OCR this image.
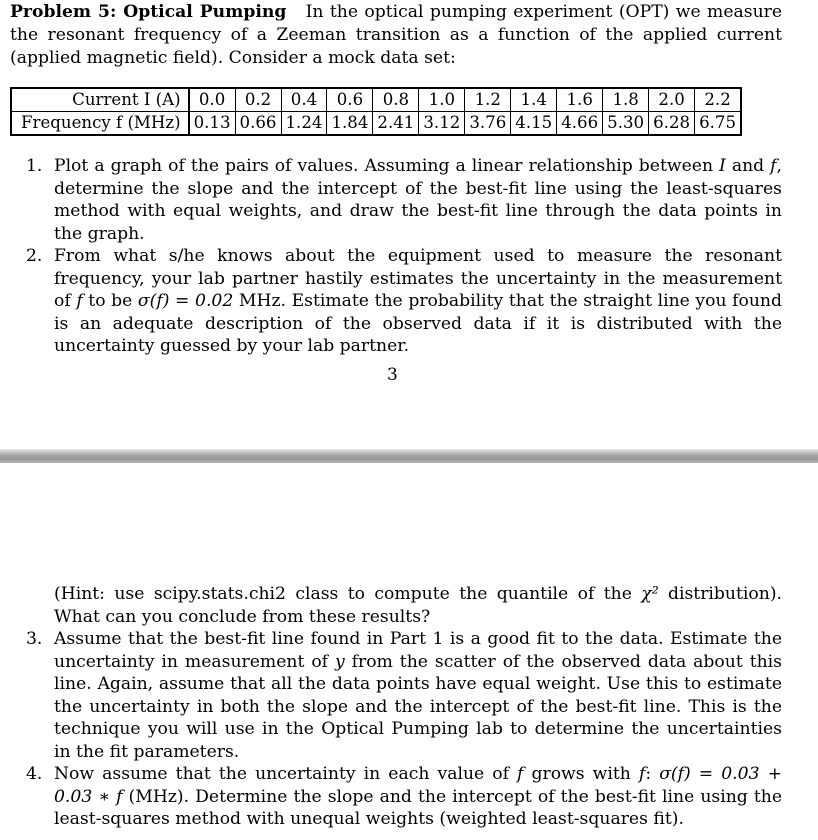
Problem 5: Optical Pumping In the optical pumping experiment (OPT) we measure the resonant frequency of a Zeeman transition as a function of the applied current (applied magnetic field). Consider a mock data set:
Current I (A)	0.0	0.2	0.4	0.6	0.8	1.0	1.2	1.4	1.6	1.8	2.0	2.2
Frequency f (MHz)	0.13	0.66	1.24	1.84	2.41	3.12	3.76	4.15	4.66	5.30	6.28	6.75
1. Plot a graph of the pairs of values. Assuming a linear relationship between I and f, determine the slope and the intercept of the best-fit line using the least-squares method with equal weights, and draw the best-fit line through the data points in the graph.
2. From what s/he knows about the equipment used to measure the resonant frequency, your lab partner hastily estimates the uncertainty in the measurement of f to be σ(f) = 0.02 MHz. Estimate the probability that the straight line you found is an adequate description of the observed data if it is distributed with the uncertainty guessed by your lab partner.
3
(Hint: use scipy.stats.chi2 class to compute the quantile of the χ² distribution). What can you conclude from these results?
3. Assume that the best-fit line found in Part 1 is a good fit to the data. Estimate the uncertainty in measurement of y from the scatter of the observed data about this line. Again, assume that all the data points have equal weight. Use this to estimate the uncertainty in both the slope and the intercept of the best-fit line. This is the technique you will use in the Optical Pumping lab to determine the uncertainties in the fit parameters.
4. Now assume that the uncertainty in each value of f grows with f: σ(f) = 0.03 + 0.03 ∗ f (MHz). Determine the slope and the intercept of the best-fit line using the least-squares method with unequal weights (weighted least-squares fit).
